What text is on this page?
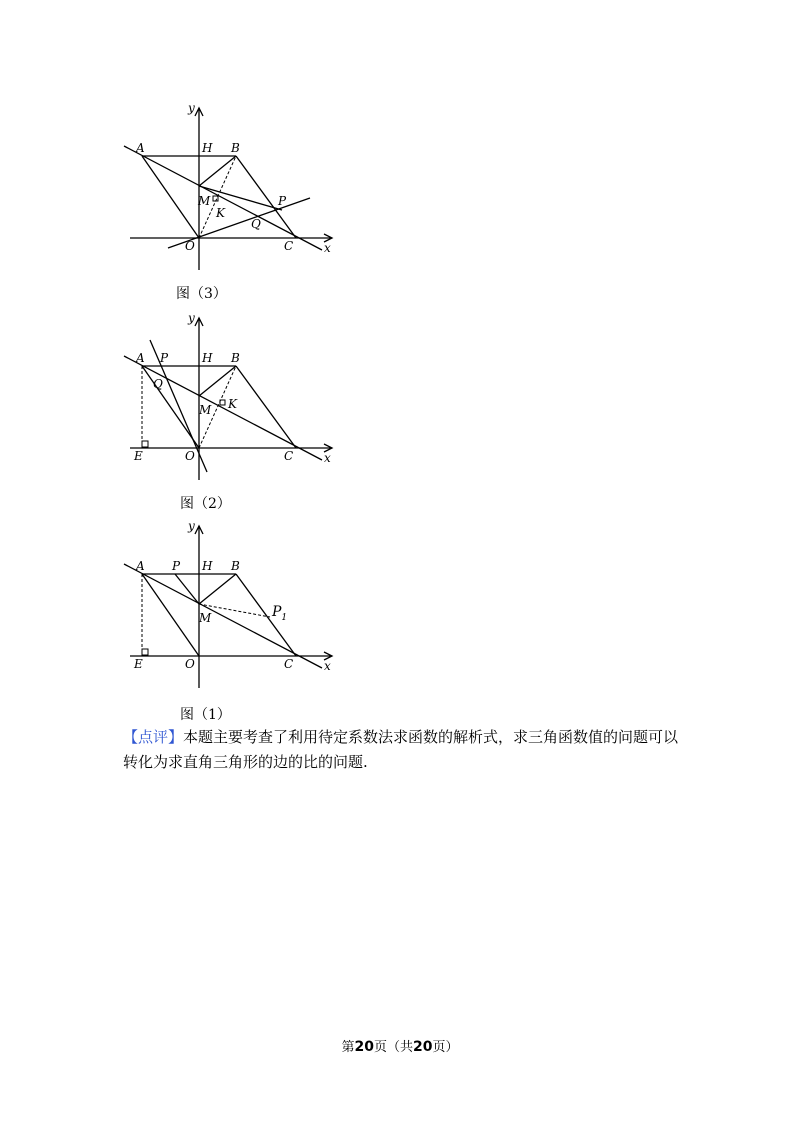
y
x
A	H B
M
K
P
Q
O	C
图（3）
y
x
A P	H B
Q
M K
E	O	C
图（2）
y
x
A P H B
M	$P_1$
E	O	C
图（1）
【点评】本题主要考查了利用待定系数法求函数的解析式，求三角函数值的问题可以转化为求直角三角形的边的比的问题.
第20页（共20页）
